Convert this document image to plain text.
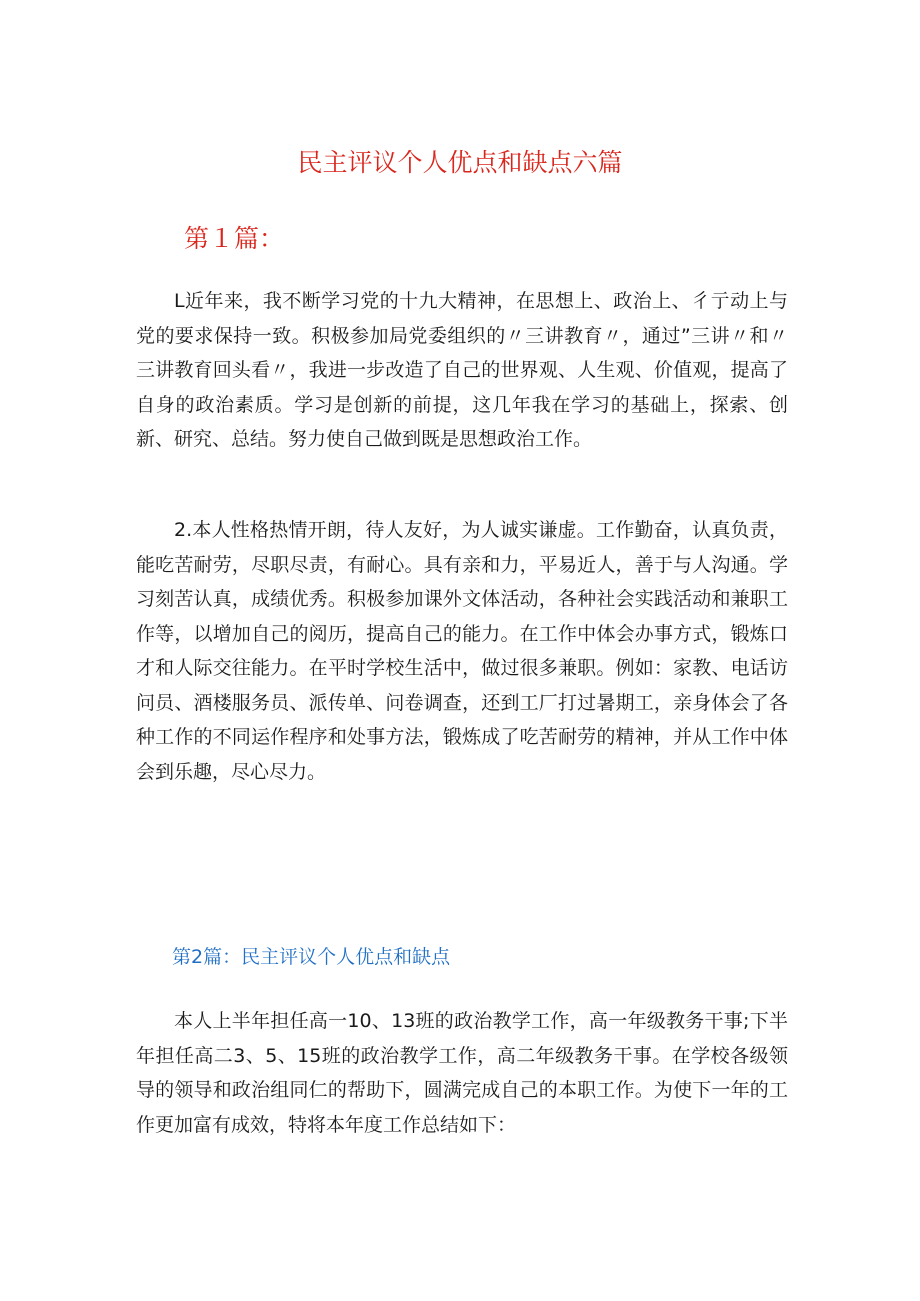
民主评议个人优点和缺点六篇
第１篇：

L近年来，我不断学习党的十九大精神，在思想上、政治上、彳亍动上与党的要求保持一致。积极参加局党委组织的〃三讲教育〃，通过”三讲〃和〃三讲教育回头看〃，我进一步改造了自己的世界观、人生观、价值观，提高了自身的政治素质。学习是创新的前提，这几年我在学习的基础上，探索、创新、研究、总结。努力使自己做到既是思想政治工作。

2.本人性格热情开朗，待人友好，为人诚实谦虚。工作勤奋，认真负责，能吃苦耐劳，尽职尽责，有耐心。具有亲和力，平易近人，善于与人沟通。学习刻苦认真，成绩优秀。积极参加课外文体活动，各种社会实践活动和兼职工作等，以增加自己的阅历，提高自己的能力。在工作中体会办事方式，锻炼口才和人际交往能力。在平时学校生活中，做过很多兼职。例如：家教、电话访问员、酒楼服务员、派传单、问卷调查，还到工厂打过暑期工，亲身体会了各种工作的不同运作程序和处事方法，锻炼成了吃苦耐劳的精神，并从工作中体会到乐趣，尽心尽力。

第2篇：民主评议个人优点和缺点

本人上半年担任高一10、13班的政治教学工作，高一年级教务干事;下半年担任高二3、5、15班的政治教学工作，高二年级教务干事。在学校各级领导的领导和政治组同仁的帮助下，圆满完成自己的本职工作。为使下一年的工作更加富有成效，特将本年度工作总结如下：
